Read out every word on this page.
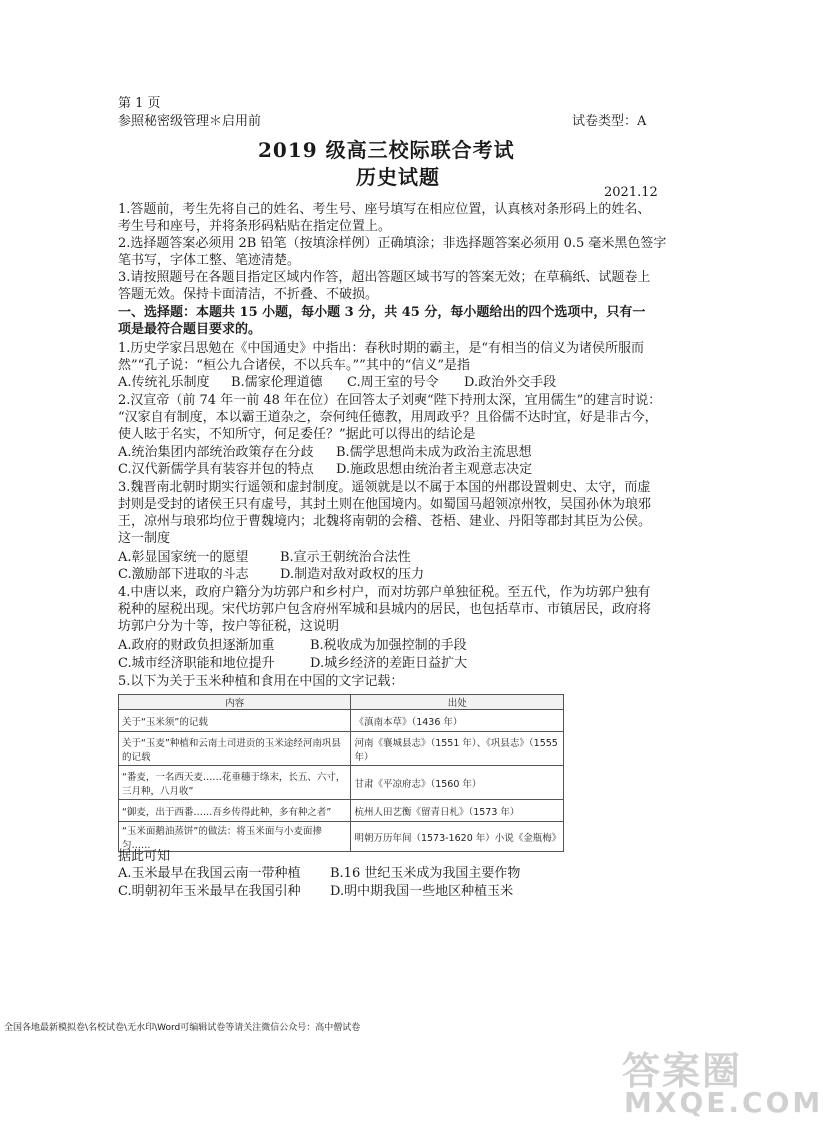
第 1 页
参照秘密级管理＊启用前	试卷类型：A
2019 级高三校际联合考试
历史试题
2021.12
1.答题前，考生先将自己的姓名、考生号、座号填写在相应位置，认真核对条形码上的姓名、
考生号和座号，并将条形码粘贴在指定位置上。
2.选择题答案必须用 2B 铅笔（按填涂样例）正确填涂；非选择题答案必须用 0.5 毫米黑色签字
笔书写，字体工整、笔迹清楚。
3.请按照题号在各题目指定区域内作答，超出答题区域书写的答案无效；在草稿纸、试题卷上
答题无效。保持卡面清洁，不折叠、不破损。
一、选择题：本题共 15 小题，每小题 3 分，共 45 分，每小题给出的四个选项中，只有一
项是最符合题目要求的。
1.历史学家吕思勉在《中国通史》中指出：春秋时期的霸主，是“有相当的信义为诸侯所服而
然”“孔子说：“桓公九合诸侯，不以兵车。””其中的“信义”是指
A.传统礼乐制度 B.儒家伦理道德 C.周王室的号令 D.政治外交手段
2.汉宣帝（前 74 年一前 48 年在位）在回答太子刘奭“陛下持刑太深，宜用儒生”的建言时说：
“汉家自有制度，本以霸王道杂之，奈何纯任德教，用周政乎？且俗儒不达时宜，好是非古今，
使人眩于名实，不知所守，何足委任？”据此可以得出的结论是
A.统治集团内部统治政策存在分歧 B.儒学思想尚未成为政治主流思想
C.汉代新儒学具有装容并包的特点 D.施政思想由统治者主观意志决定
3.魏晋南北朝时期实行遥领和虚封制度。遥领就是以不属于本国的州郡设置刺史、太守，而虚
封则是受封的诸侯王只有虚号，其封土则在他国境内。如蜀国马超领凉州牧，吴国孙休为琅邪
王，凉州与琅邪均位于曹魏境内；北魏将南朝的会稽、苍梧、建业、丹阳等郡封其臣为公侯。
这一制度
A.彰显国家统一的愿望 B.宣示王朝统治合法性
C.激励部下进取的斗志 D.制造对敌对政权的压力
4.中唐以来，政府户籍分为坊郭户和乡村户，而对坊郭户单独征税。至五代，作为坊郭户独有
税种的屋税出现。宋代坊郭户包含府州军城和县城内的居民，也包括草市、市镇居民，政府将
坊郭户分为十等，按户等征税，这说明
A.政府的财政负担逐渐加重	B.税收成为加强控制的手段
C.城市经济职能和地位提升	D.城乡经济的差距日益扩大
5.以下为关于玉米种植和食用在中国的文字记载：
内容	出处
关于“玉米须”的记载	《滇南本草》（1436 年）
关于“玉麦”种植和云南土司进贡的玉米途经河南巩县的记载	河南《襄城县志》（1551 年）、《巩县志》（1555 年）
“番麦，一名西天麦……花垂穗于绦末，长五、六寸，三月种，八月收”	甘肃《平凉府志》（1560 年）
“御麦，出于西番……吾乡传得此种，多有种之者”	杭州人田艺衡《留青日札》（1573 年）
“玉米面鹅油蒸饼”的做法：将玉米面与小麦面掺匀……	明朝万历年间（1573-1620 年）小说《金瓶梅》
据此可知
A.玉米最早在我国云南一带种植 B.16 世纪玉米成为我国主要作物
C.明朝初年玉米最早在我国引种 D.明中期我国一些地区种植玉米
全国各地最新模拟卷\名校试卷\无水印\Word可编辑试卷等请关注微信公众号：高中僧试卷
答案圈
MXQE.COM
